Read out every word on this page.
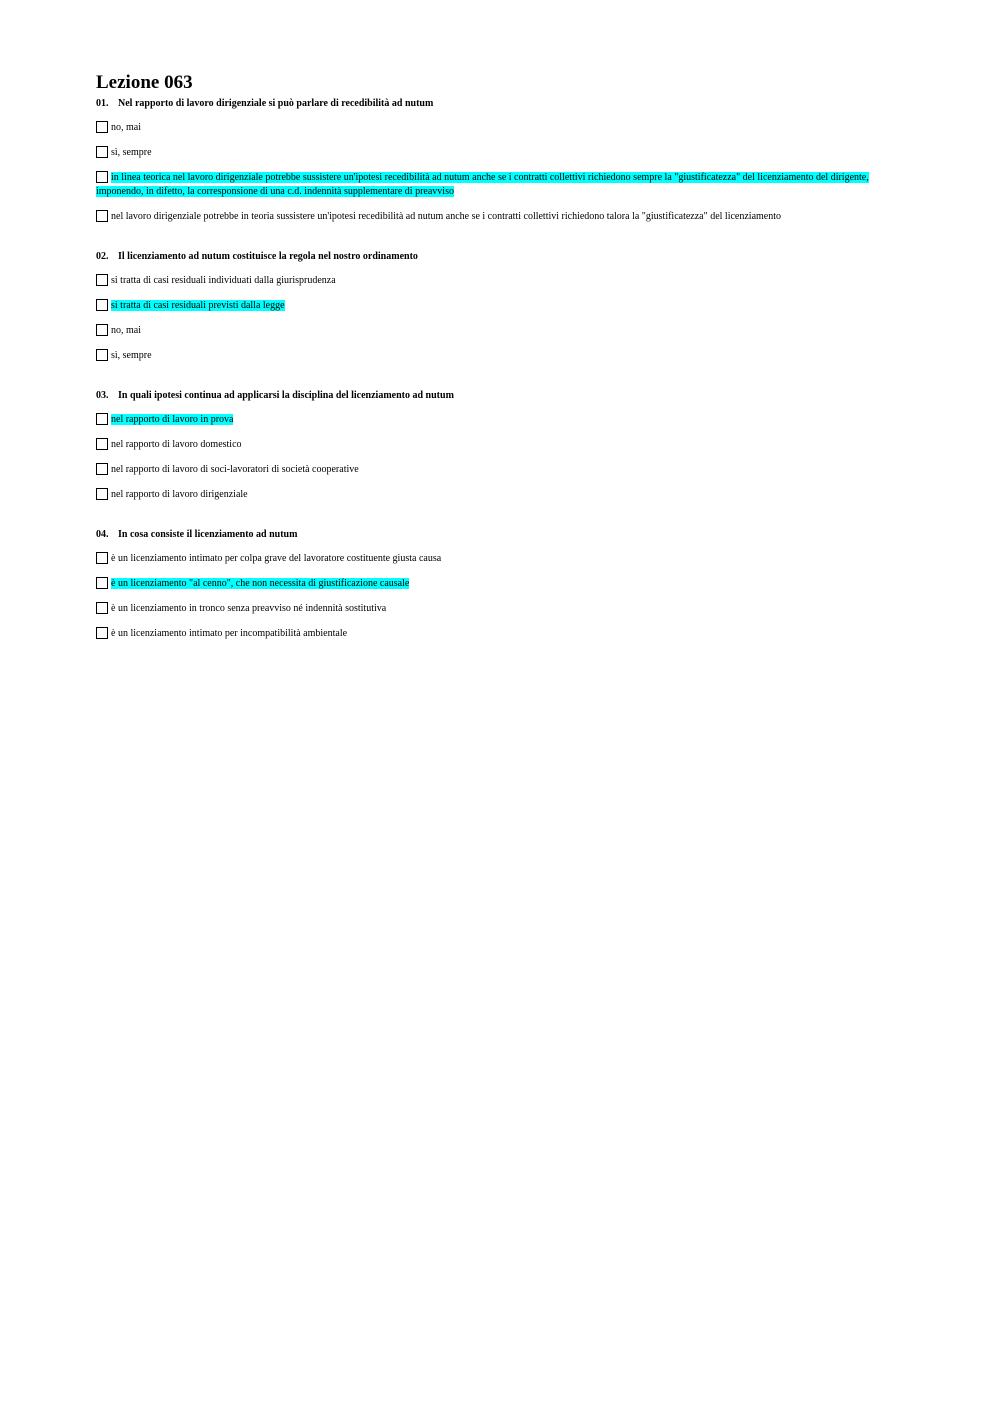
Lezione 063
01. Nel rapporto di lavoro dirigenziale si può parlare di recedibilità ad nutum
no, mai
sì, sempre
in linea teorica nel lavoro dirigenziale potrebbe sussistere un'ipotesi recedibilità ad nutum anche se i contratti collettivi richiedono sempre la "giustificatezza" del licenziamento del dirigente, imponendo, in difetto, la corresponsione di una c.d. indennità supplementare di preavviso
nel lavoro dirigenziale potrebbe in teoria sussistere un'ipotesi recedibilità ad nutum anche se i contratti collettivi richiedono talora la "giustificatezza" del licenziamento
02. Il licenziamento ad nutum costituisce la regola nel nostro ordinamento
si tratta di casi residuali individuati dalla giurisprudenza
si tratta di casi residuali previsti dalla legge
no, mai
sì, sempre
03. In quali ipotesi continua ad applicarsi la disciplina del licenziamento ad nutum
nel rapporto di lavoro in prova
nel rapporto di lavoro domestico
nel rapporto di lavoro di soci-lavoratori di società cooperative
nel rapporto di lavoro dirigenziale
04. In cosa consiste il licenziamento ad nutum
è un licenziamento intimato per colpa grave del lavoratore costituente giusta causa
è un licenziamento "al cenno", che non necessita di giustificazione causale
è un licenziamento in tronco senza preavviso né indennità sostitutiva
è un licenziamento intimato per incompatibilità ambientale
